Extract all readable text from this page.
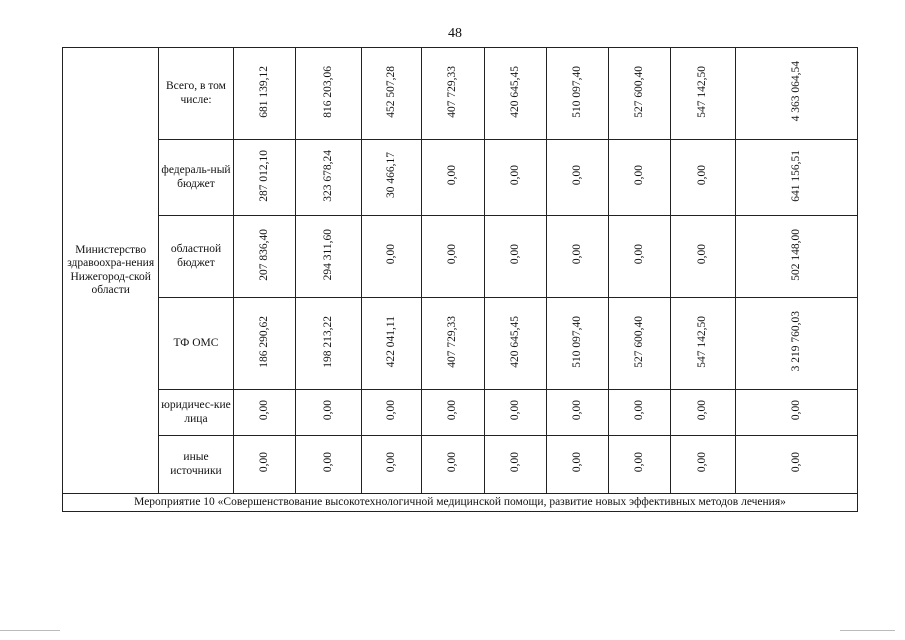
48
Министерство здравоохра-нения Нижегород-ской области	Всего, в том числе:	681 139,12	816 203,06	452 507,28	407 729,33	420 645,45	510 097,40	527 600,40	547 142,50	4 363 064,54
	федераль-ный бюджет	287 012,10	323 678,24	30 466,17	0,00	0,00	0,00	0,00	0,00	641 156,51
	областной бюджет	207 836,40	294 311,60	0,00	0,00	0,00	0,00	0,00	0,00	502 148,00
	ТФ ОМС	186 290,62	198 213,22	422 041,11	407 729,33	420 645,45	510 097,40	527 600,40	547 142,50	3 219 760,03
	юридичес-кие лица	0,00	0,00	0,00	0,00	0,00	0,00	0,00	0,00	0,00
	иные источники	0,00	0,00	0,00	0,00	0,00	0,00	0,00	0,00	0,00
Мероприятие 10 «Совершенствование высокотехнологичной медицинской помощи, развитие новых эффективных методов лечения»										
